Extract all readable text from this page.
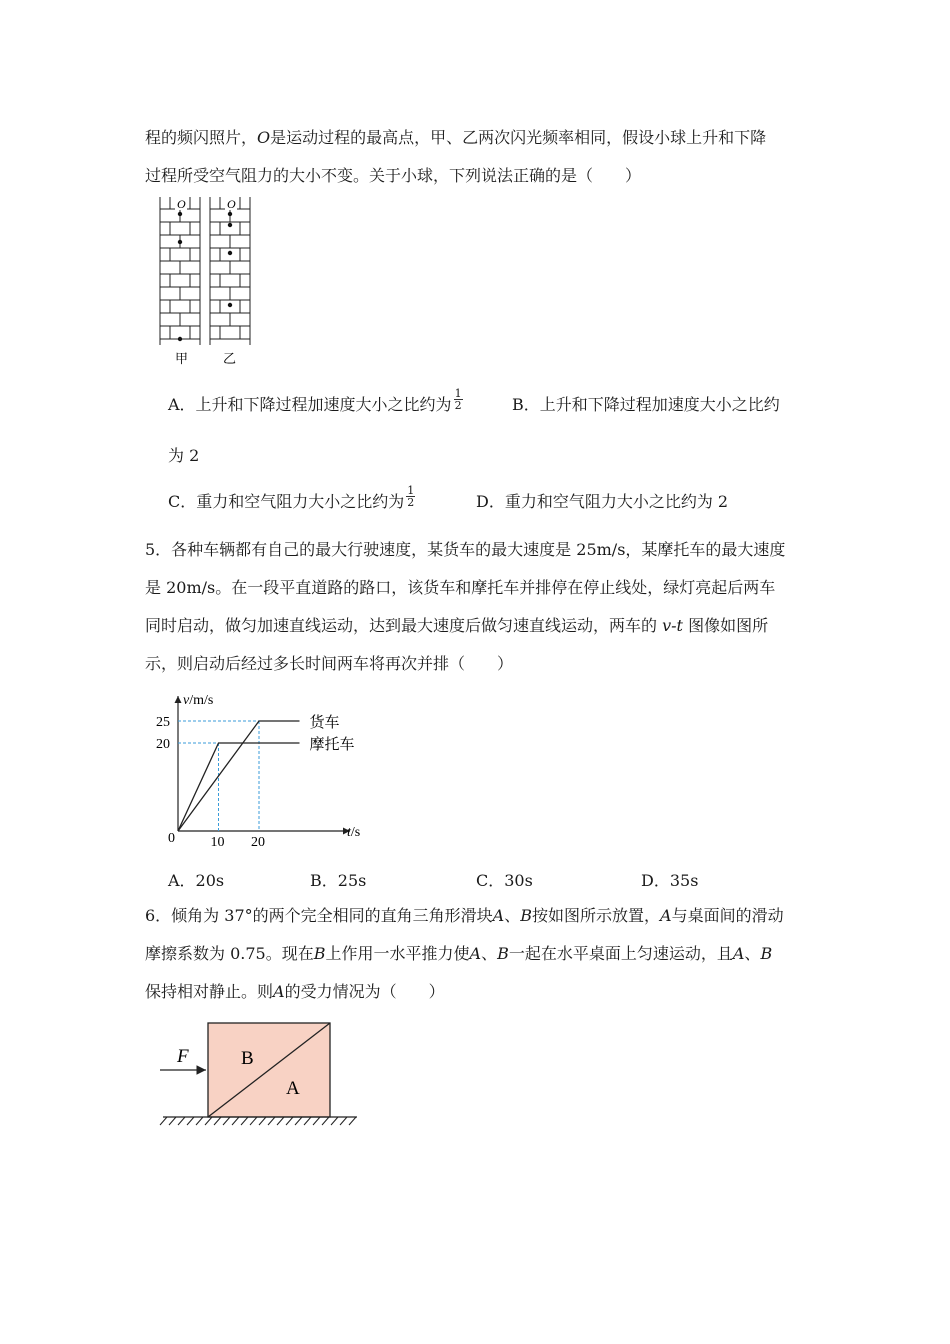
程的频闪照片，O是运动过程的最高点，甲、乙两次闪光频率相同，假设小球上升和下降
过程所受空气阻力的大小不变。关于小球，下列说法正确的是（　　）
O	O
甲	乙
A．上升和下降过程加速度大小之比约为 $\frac{1}{2}$	B．上升和下降过程加速度大小之比约
为 2
C．重力和空气阻力大小之比约为 $\frac{1}{2}$	D．重力和空气阻力大小之比约为 2
5．各种车辆都有自己的最大行驶速度，某货车的最大速度是 25m/s，某摩托车的最大速度
是 20m/s。在一段平直道路的路口，该货车和摩托车并排停在停止线处，绿灯亮起后两车
同时启动，做匀加速直线运动，达到最大速度后做匀速直线运动，两车的 v-t 图像如图所
示，则启动后经过多长时间两车将再次并排（　　）
v/m/s
t/s
0
货车
摩托车
10 20
20
25
A．20s	B．25s	C．30s	D．35s
6．倾角为 37°的两个完全相同的直角三角形滑块A、B按如图所示放置，A与桌面间的滑动
摩擦系数为 0.75。现在B上作用一水平推力使A、B一起在水平桌面上匀速运动，且A、B
保持相对静止。则A的受力情况为（　　）
F	B
A
